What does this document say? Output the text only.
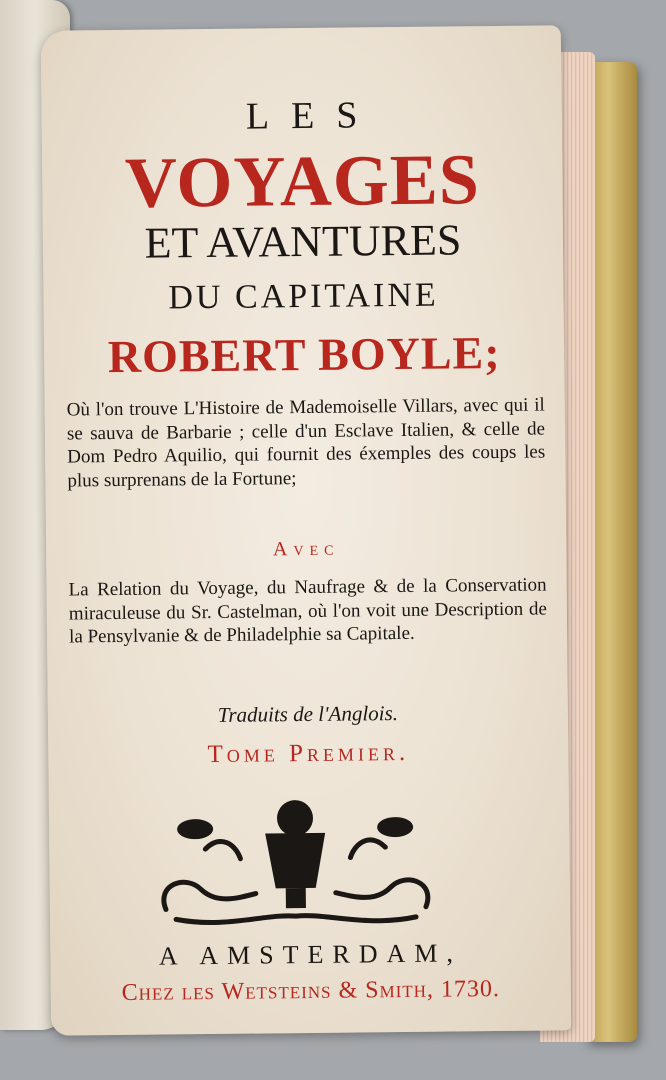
LES
VOYAGES
ET AVANTURES
DU CAPITAINE
ROBERT BOYLE;
Où l'on trouve L'Histoire de Mademoiselle Villars, avec qui il se sauva de Barbarie ; celle d'un Esclave Italien, & celle de Dom Pedro Aquilio, qui fournit des éxemples des coups les plus surprenans de la Fortune;
Avec
La Relation du Voyage, du Naufrage & de la Conservation miraculeuse du Sr. Castelman, où l'on voit une Description de la Pensylvanie & de Philadelphie sa Capitale.
Traduits de l'Anglois.
Tome Premier.
A AMSTERDAM,
Chez les Wetsteins & Smith, 1730.
